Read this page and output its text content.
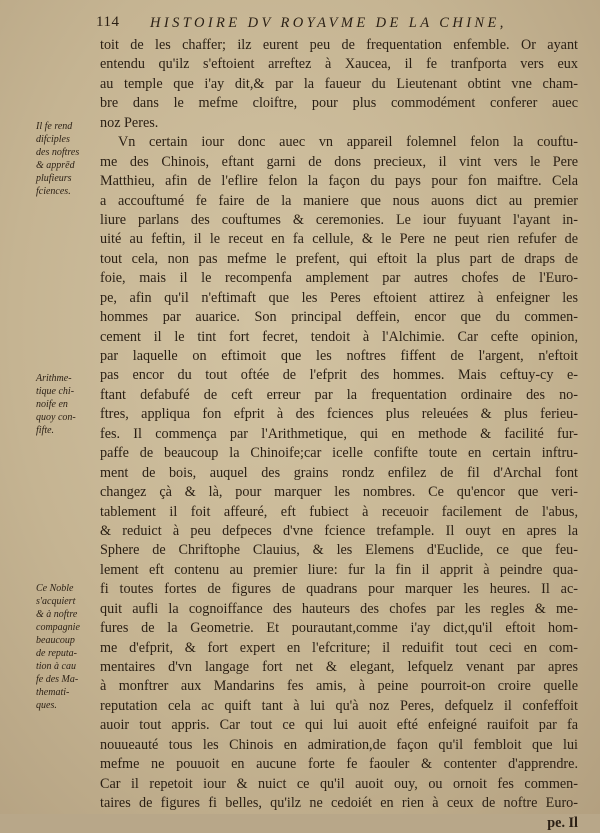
114 HISTOIRE DV ROYAVME DE LA CHINE,
toit de les chaffer; ilz eurent peu de frequentation enfemble. Or ayant
entendu qu'ilz s'eftoient arreftez à Xaucea, il fe tranfporta vers eux
au temple que i'ay dit,& par la faueur du Lieutenant obtint vne cham-
bre dans le mefme cloiftre, pour plus commodément conferer auec
noz Peres.
Vn certain iour donc auec vn appareil folemnel felon la couftu-
me des Chinois, eftant garni de dons precieux, il vint vers le Pere
Matthieu, afin de l'eflire felon la façon du pays pour fon maiftre. Cela
a accouftumé fe faire de la maniere que nous auons dict au premier
liure parlans des couftumes & ceremonies. Le iour fuyuant l'ayant in-
uité au feftin, il le receut en fa cellule, & le Pere ne peut rien refufer de
tout cela, non pas mefme le prefent, qui eftoit la plus part de draps de
foie, mais il le recompenfa amplement par autres chofes de l'Euro-
pe, afin qu'il n'eftimaft que les Peres eftoient attirez à enfeigner les
hommes par auarice. Son principal deffein, encor que du commen-
cement il le tint fort fecret, tendoit à l'Alchimie. Car cefte opinion,
par laquelle on eftimoit que les noftres fiffent de l'argent, n'eftoit
pas encor du tout oftée de l'efprit des hommes. Mais ceftuy-cy e-
ftant defabufé de ceft erreur par la frequentation ordinaire des no-
ftres, appliqua fon efprit à des fciences plus releuées & plus ferieu-
fes. Il commença par l'Arithmetique, qui en methode & facilité fur-
paffe de beaucoup la Chinoife;car icelle confifte toute en certain inftru-
ment de bois, auquel des grains rondz enfilez de fil d'Archal font
changez çà & là, pour marquer les nombres. Ce qu'encor que veri-
tablement il foit affeuré, eft fubiect à receuoir facilement de l'abus,
& reduict à peu defpeces d'vne fcience trefample. Il ouyt en apres la
Sphere de Chriftophe Clauius, & les Elemens d'Euclide, ce que feu-
lement eft contenu au premier liure: fur la fin il apprit à peindre qua-
fi toutes fortes de figures de quadrans pour marquer les heures. Il ac-
quit aufli la cognoiffance des hauteurs des chofes par les regles & me-
fures de la Geometrie. Et pourautant,comme i'ay dict,qu'il eftoit hom-
me d'efprit, & fort expert en l'efcriture; il reduifit tout ceci en com-
mentaires d'vn langage fort net & elegant, lefquelz venant par apres
à monftrer aux Mandarins fes amis, à peine pourroit-on croire quelle
reputation cela ac quift tant à lui qu'à noz Peres, defquelz il confeffoit
auoir tout appris. Car tout ce qui lui auoit efté enfeigné rauifoit par fa
nouueauté tous les Chinois en admiration,de façon qu'il fembloit que lui
mefme ne pouuoit en aucune forte fe faouler & contenter d'apprendre.
Car il repetoit iour & nuict ce qu'il auoit ouy, ou ornoit fes commen-
taires de figures fi belles, qu'ilz ne cedoiét en rien à ceux de noftre Euro-
pe. Il
Il fe rend
difciples
des noftres
& apprēd
plufieurs
fciences.
Arithme-
tique chi-
noife en
quoy con-
fifte.
Ce Noble
s'acquiert
& à noftre
compagnie
beaucoup
de reputa-
tion à cau
fe des Ma-
themati-
ques.
